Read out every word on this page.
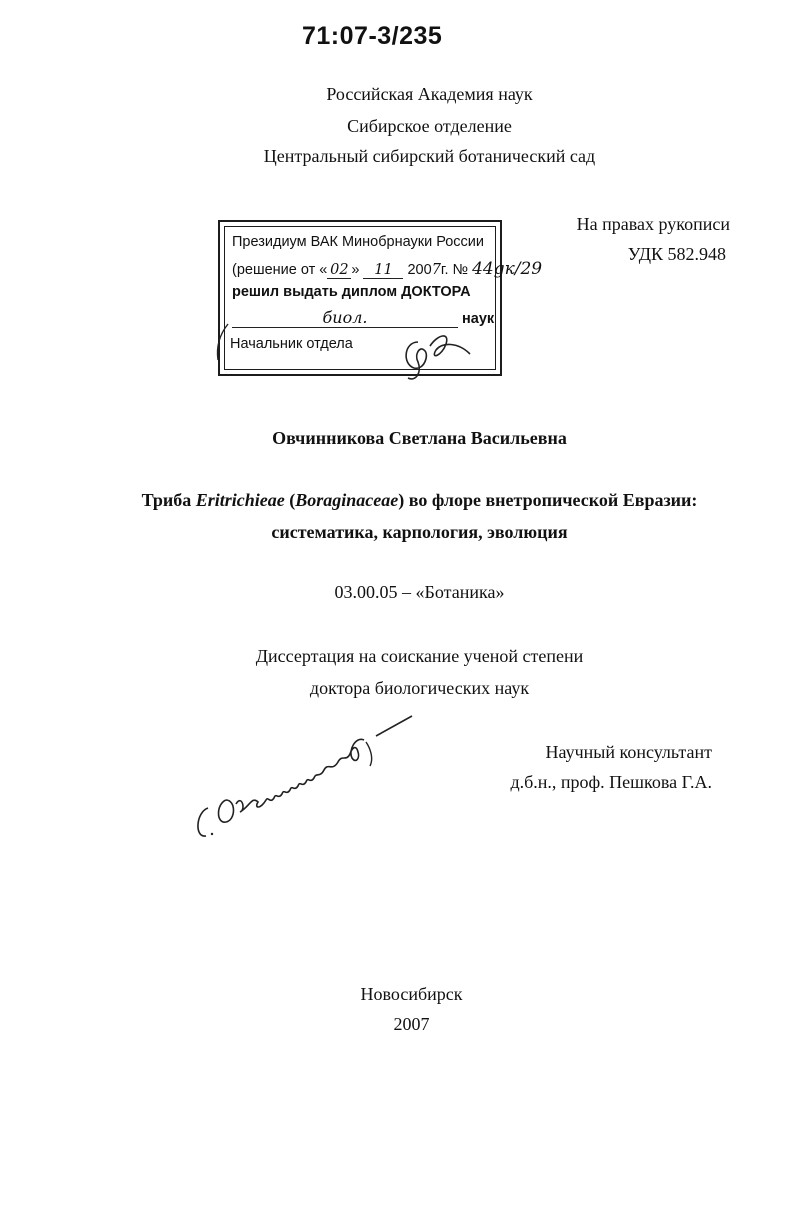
71:07-3/235
Российская Академия наук
Сибирское отделение
Центральный сибирский ботанический сад
На правах рукописи
УДК 582.948
Президиум ВАК Минобрнауки России
(решение от « 02 » 11 2007г. № 44gк/29
решил выдать диплом ДОКТОРА
биол.	наук
Начальник отдела
Овчинникова Светлана Васильевна
Триба Eritrichieae (Boraginaceae) во флоре внетропической Евразии:
систематика, карпология, эволюция
03.00.05 – «Ботаника»
Диссертация на соискание ученой степени
доктора биологических наук
Научный консультант
д.б.н., проф. Пешкова Г.А.
Новосибирск
2007
